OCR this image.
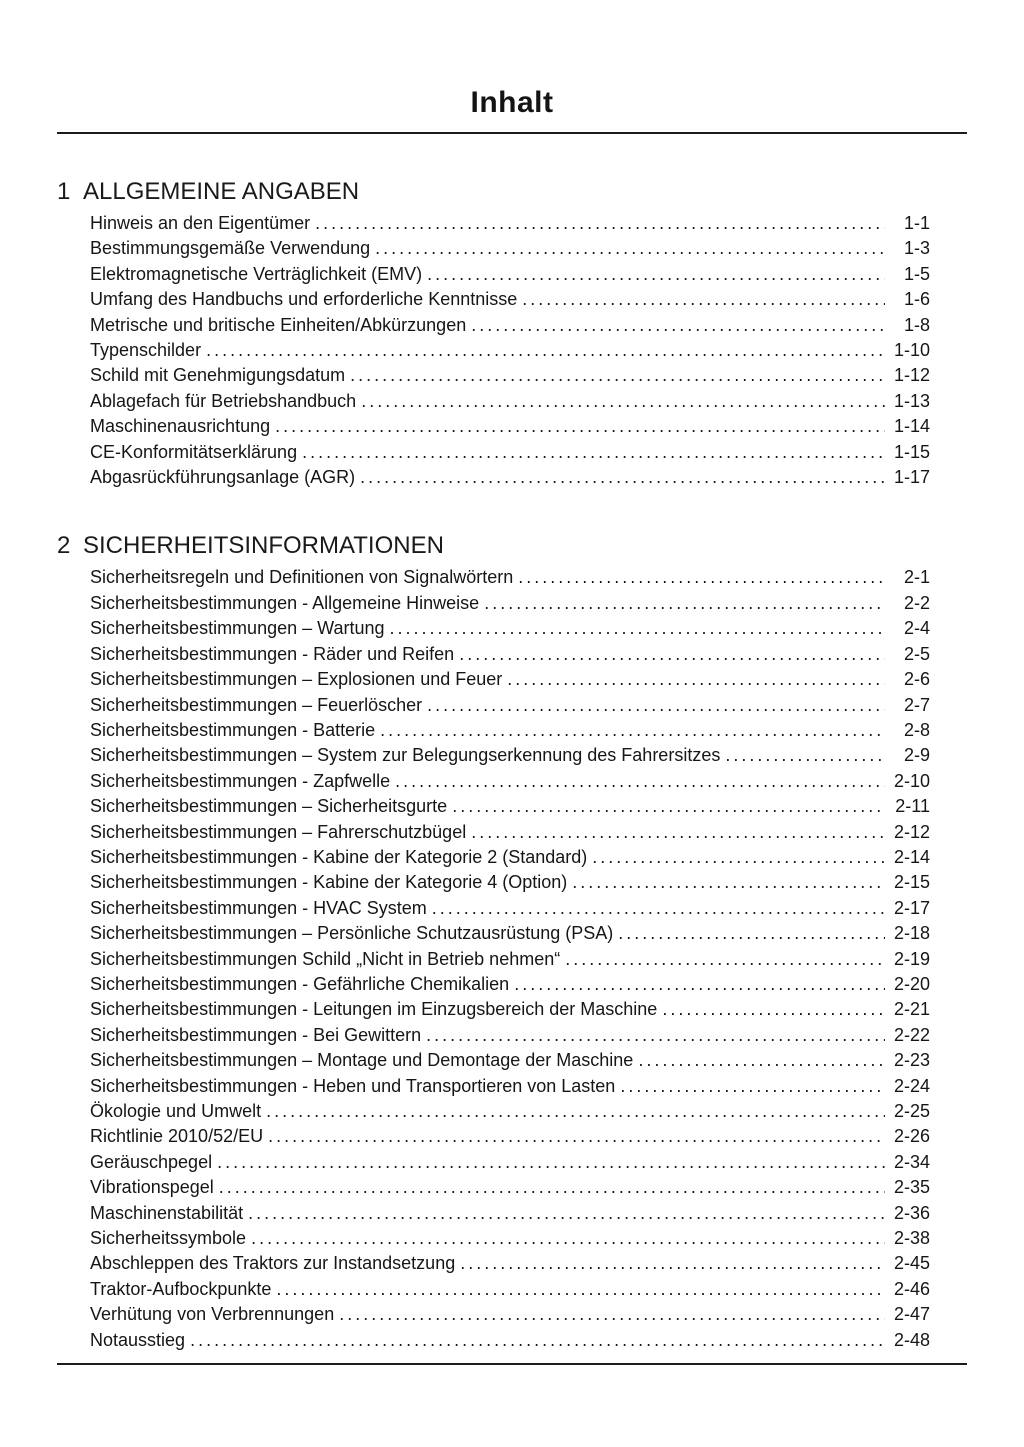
Inhalt
1 ALLGEMEINE ANGABEN
Hinweis an den Eigentümer .....	1-1
Bestimmungsgemäße Verwendung .....	1-3
Elektromagnetische Verträglichkeit (EMV) .....	1-5
Umfang des Handbuchs und erforderliche Kenntnisse .....	1-6
Metrische und britische Einheiten/Abkürzungen .....	1-8
Typenschilder .....	1-10
Schild mit Genehmigungsdatum .....	1-12
Ablagefach für Betriebshandbuch .....	1-13
Maschinenausrichtung .....	1-14
CE-Konformitätserklärung .....	1-15
Abgasrückführungsanlage (AGR) .....	1-17
2 SICHERHEITSINFORMATIONEN
Sicherheitsregeln und Definitionen von Signalwörtern .....	2-1
Sicherheitsbestimmungen - Allgemeine Hinweise .....	2-2
Sicherheitsbestimmungen – Wartung .....	2-4
Sicherheitsbestimmungen - Räder und Reifen .....	2-5
Sicherheitsbestimmungen – Explosionen und Feuer .....	2-6
Sicherheitsbestimmungen – Feuerlöscher .....	2-7
Sicherheitsbestimmungen - Batterie .....	2-8
Sicherheitsbestimmungen – System zur Belegungserkennung des Fahrersitzes .....	2-9
Sicherheitsbestimmungen - Zapfwelle .....	2-10
Sicherheitsbestimmungen – Sicherheitsgurte .....	2-11
Sicherheitsbestimmungen – Fahrerschutzbügel .....	2-12
Sicherheitsbestimmungen - Kabine der Kategorie 2 (Standard) .....	2-14
Sicherheitsbestimmungen - Kabine der Kategorie 4 (Option) .....	2-15
Sicherheitsbestimmungen - HVAC System .....	2-17
Sicherheitsbestimmungen – Persönliche Schutzausrüstung (PSA) .....	2-18
Sicherheitsbestimmungen Schild „Nicht in Betrieb nehmen“ .....	2-19
Sicherheitsbestimmungen - Gefährliche Chemikalien .....	2-20
Sicherheitsbestimmungen - Leitungen im Einzugsbereich der Maschine .....	2-21
Sicherheitsbestimmungen - Bei Gewittern .....	2-22
Sicherheitsbestimmungen – Montage und Demontage der Maschine .....	2-23
Sicherheitsbestimmungen - Heben und Transportieren von Lasten .....	2-24
Ökologie und Umwelt .....	2-25
Richtlinie 2010/52/EU .....	2-26
Geräuschpegel .....	2-34
Vibrationspegel .....	2-35
Maschinenstabilität .....	2-36
Sicherheitssymbole .....	2-38
Abschleppen des Traktors zur Instandsetzung .....	2-45
Traktor-Aufbockpunkte .....	2-46
Verhütung von Verbrennungen .....	2-47
Notausstieg .....	2-48
